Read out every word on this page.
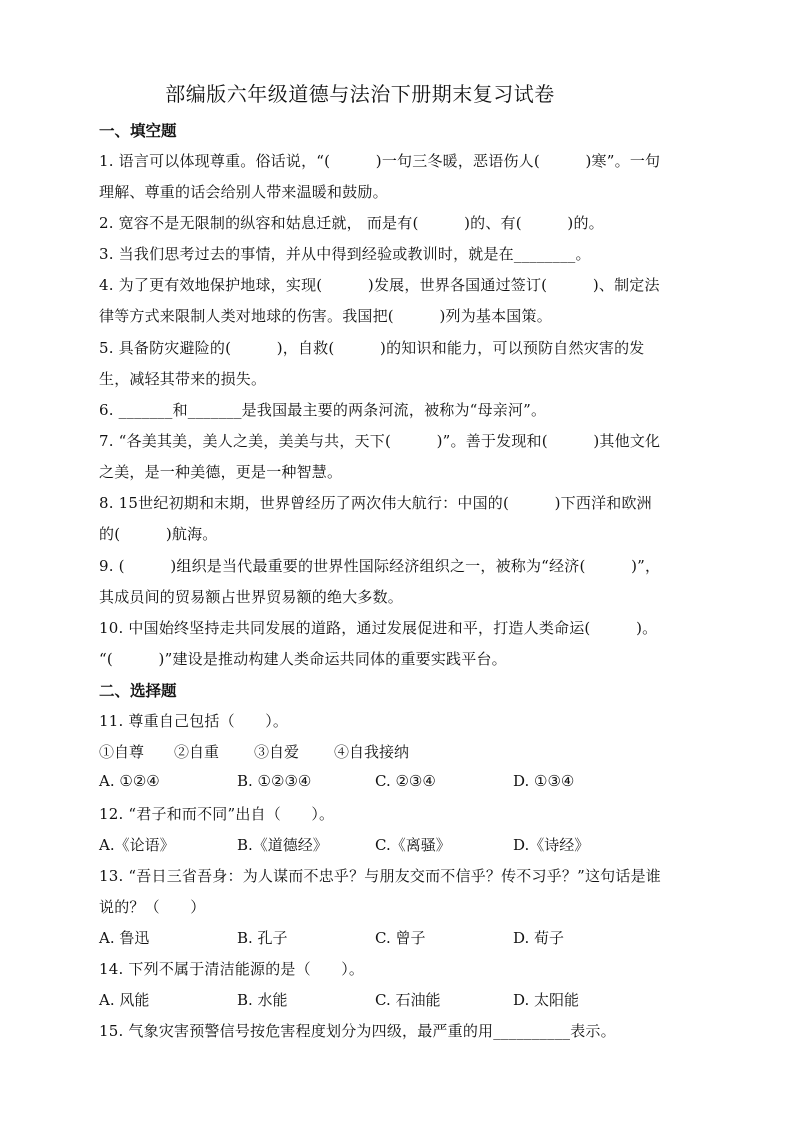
部编版六年级道德与法治下册期末复习试卷
一、填空题
1. 语言可以体现尊重。俗话说，“(　　　)一句三冬暖，恶语伤人(　　　)寒”。一句
理解、尊重的话会给别人带来温暖和鼓励。
2. 宽容不是无限制的纵容和姑息迁就， 而是有(　　　)的、有(　　　)的。
3. 当我们思考过去的事情，并从中得到经验或教训时，就是在________。
4. 为了更有效地保护地球，实现(　　　)发展，世界各国通过签订(　　　)、制定法
律等方式来限制人类对地球的伤害。我国把(　　　)列为基本国策。
5. 具备防灾避险的(　　　)，自救(　　　)的知识和能力，可以预防自然灾害的发
生，减轻其带来的损失。
6. _______和_______是我国最主要的两条河流，被称为“母亲河”。
7. “各美其美，美人之美，美美与共，天下(　　　)”。善于发现和(　　　)其他文化
之美，是一种美德，更是一种智慧。
8. 15世纪初期和末期，世界曾经历了两次伟大航行：中国的(　　　)下西洋和欧洲
的(　　　)航海。
9. (　　　)组织是当代最重要的世界性国际经济组织之一，被称为“经济(　　　)”，
其成员间的贸易额占世界贸易额的绝大多数。
10. 中国始终坚持走共同发展的道路，通过发展促进和平，打造人类命运(　　　)。
“(　　　)”建设是推动构建人类命运共同体的重要实践平台。
二、选择题
11. 尊重自己包括（　　）。
①自尊 ②自重 ③自爱 ④自我接纳
A. ①②④	B. ①②③④	C. ②③④	D. ①③④
12. “君子和而不同”出自（　　）。
A.《论语》	B.《道德经》	C.《离骚》	D.《诗经》
13. “吾日三省吾身：为人谋而不忠乎？与朋友交而不信乎？传不习乎？”这句话是谁
说的？（　　）
A. 鲁迅	B. 孔子	C. 曾子	D. 荀子
14. 下列不属于清洁能源的是（　　）。
A. 风能	B. 水能	C. 石油能	D. 太阳能
15. 气象灾害预警信号按危害程度划分为四级，最严重的用__________表示。
